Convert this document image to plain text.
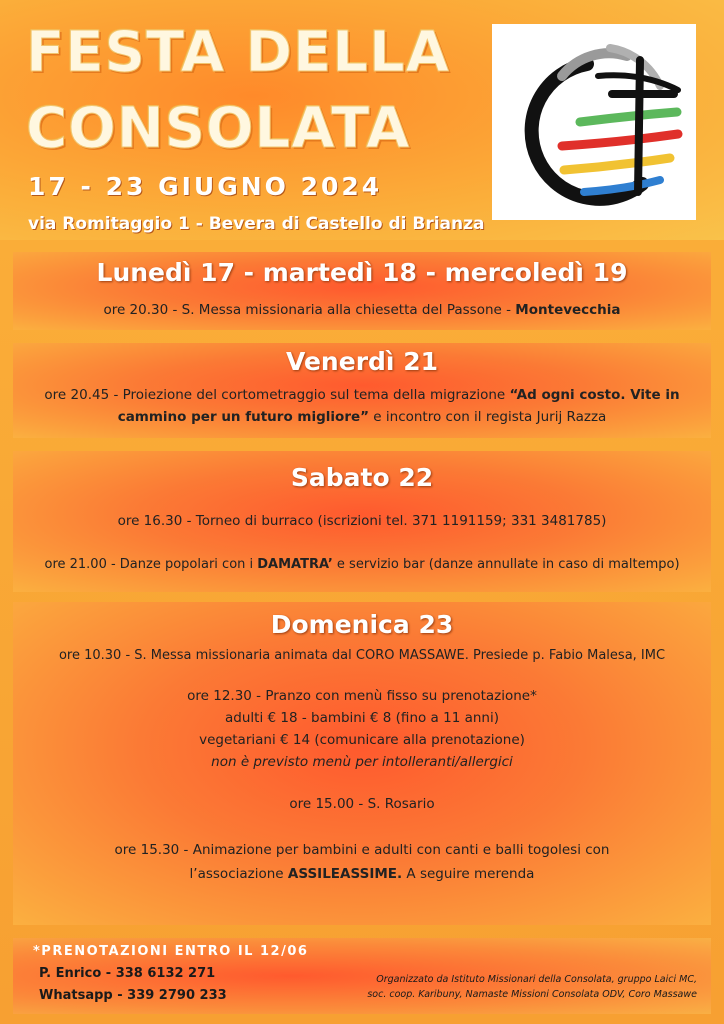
FESTA DELLA
CONSOLATA
17 - 23 GIUGNO 2024
via Romitaggio 1 - Bevera di Castello di Brianza
Lunedì 17 - martedì 18 - mercoledì 19
ore 20.30 - S. Messa missionaria alla chiesetta del Passone - Montevecchia
Venerdì 21
ore 20.45 - Proiezione del cortometraggio sul tema della migrazione “Ad ogni costo. Vite in
cammino per un futuro migliore” e incontro con il regista Jurij Razza
Sabato 22
ore 16.30 - Torneo di burraco (iscrizioni tel. 371 1191159; 331 3481785)
ore 21.00 - Danze popolari con i DAMATRA’ e servizio bar (danze annullate in caso di maltempo)
Domenica 23
ore 10.30 - S. Messa missionaria animata dal CORO MASSAWE. Presiede p. Fabio Malesa, IMC
ore 12.30 - Pranzo con menù fisso su prenotazione*
adulti € 18 - bambini € 8 (fino a 11 anni)
vegetariani € 14 (comunicare alla prenotazione)
non è previsto menù per intolleranti/allergici
ore 15.00 - S. Rosario
ore 15.30 - Animazione per bambini e adulti con canti e balli togolesi con
l’associazione ASSILEASSIME. A seguire merenda
*PRENOTAZIONI ENTRO IL 12/06
P. Enrico - 338 6132 271
Whatsapp - 339 2790 233
Organizzato da Istituto Missionari della Consolata, gruppo Laici MC,
soc. coop. Karibuny, Namaste Missioni Consolata ODV, Coro Massawe
